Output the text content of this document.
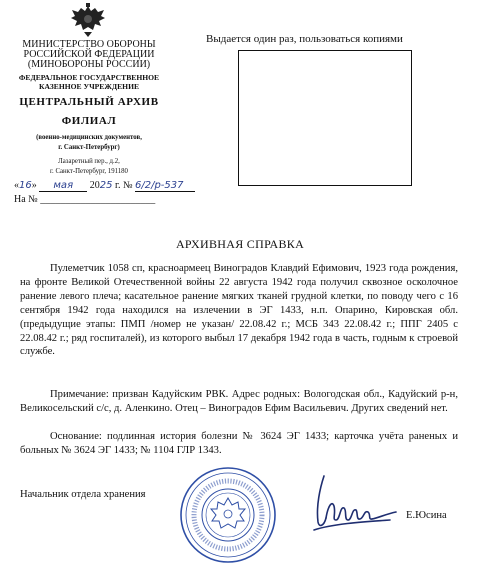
МИНИСТЕРСТВО ОБОРОНЫ
РОССИЙСКОЙ ФЕДЕРАЦИИ
(МИНОБОРОНЫ РОССИИ)
ФЕДЕРАЛЬНОЕ ГОСУДАРСТВЕННОЕ
КАЗЕННОЕ УЧРЕЖДЕНИЕ
ЦЕНТРАЛЬНЫЙ АРХИВ
ФИЛИАЛ
(военно-медицинских документов,
г. Санкт-Петербург)
Лазаретный пер., д.2,
г. Санкт-Петербург, 191180
«16» мая 2025 г. № 6/2/р-537
На № _______________________
Выдается один раз, пользоваться копиями
АРХИВНАЯ СПРАВКА
Пулеметчик 1058 сп, красноармеец Виноградов Клавдий Ефимович, 1923 года рождения, на фронте Великой Отечественной войны 22 августа 1942 года получил сквозное осколочное ранение левого плеча; касательное ранение мягких тканей грудной клетки, по поводу чего с 16 сентября 1942 года находился на излечении в ЭГ 1433, н.п. Опарино, Кировская обл. (предыдущие этапы: ПМП /номер не указан/ 22.08.42 г.; МСБ 343 22.08.42 г.; ППГ 2405 с 22.08.42 г.; ряд госпиталей), из которого выбыл 17 декабря 1942 года в часть, годным к строевой службе.
Примечание: призван Кадуйским РВК. Адрес родных: Вологодская обл., Кадуйский р-н, Великосельский с/с, д. Аленкино. Отец – Виноградов Ефим Васильевич. Других сведений нет.
Основание: подлинная история болезни № 3624 ЭГ 1433; карточка учёта раненых и больных № 3624 ЭГ 1433; № 1104 ГЛР 1343.
Начальник отдела хранения
Е.Юсина
